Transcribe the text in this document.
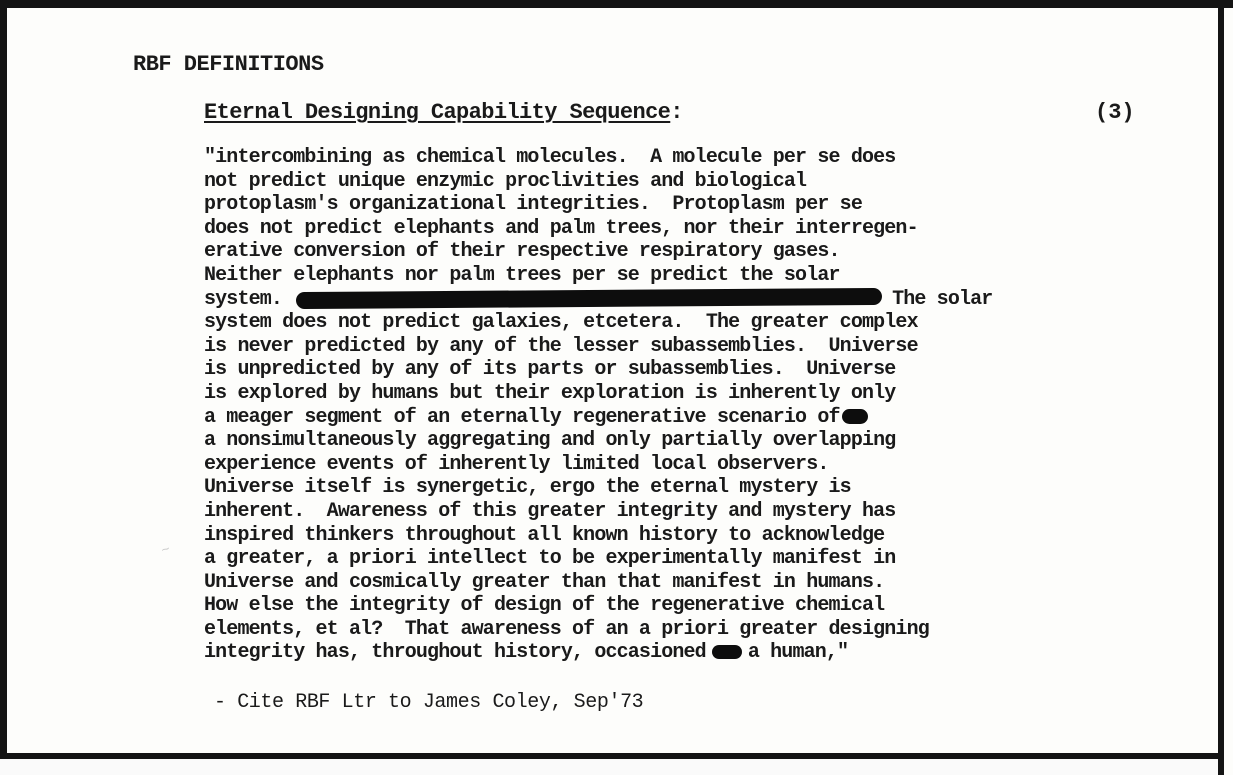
RBF DEFINITIONS
Eternal Designing Capability Sequence:	(3)
"intercombining as chemical molecules.  A molecule per se does
not predict unique enzymic proclivities and biological
protoplasm's organizational integrities.  Protoplasm per se
does not predict elephants and palm trees, nor their interregen-
erative conversion of their respective respiratory gases.
Neither elephants nor palm trees per se predict the solar
system.	The solar
system does not predict galaxies, etcetera.  The greater complex
is never predicted by any of the lesser subassemblies.  Universe
is unpredicted by any of its parts or subassemblies.  Universe
is explored by humans but their exploration is inherently only
a meager segment of an eternally regenerative scenario of
a nonsimultaneously aggregating and only partially overlapping
experience events of inherently limited local observers.
Universe itself is synergetic, ergo the eternal mystery is
inherent.  Awareness of this greater integrity and mystery has
inspired thinkers throughout all known history to acknowledge
a greater, a priori intellect to be experimentally manifest in
Universe and cosmically greater than that manifest in humans.
How else the integrity of design of the regenerative chemical
elements, et al?  That awareness of an a priori greater designing
integrity has, throughout history, occasioned a human,"
- Cite RBF Ltr to James Coley, Sep'73
~
